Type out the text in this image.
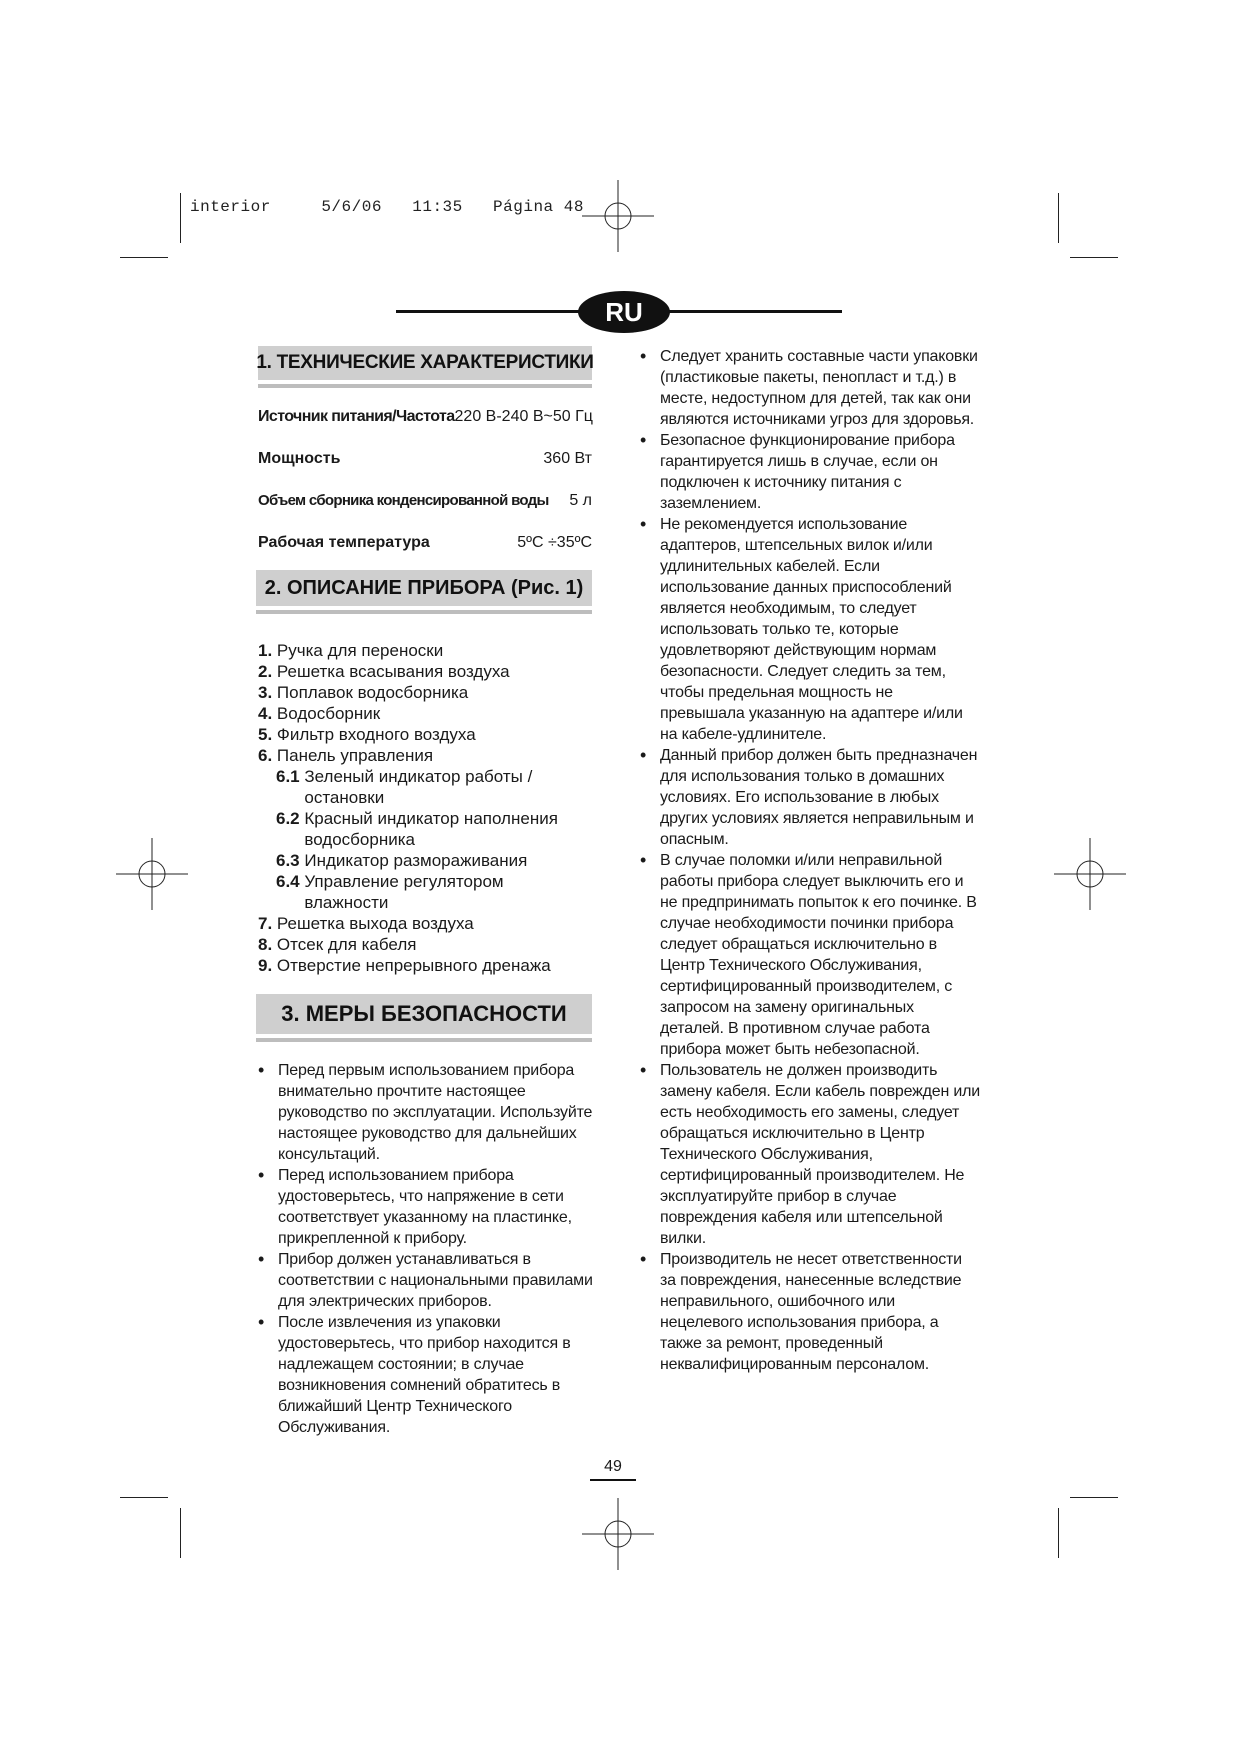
interior     5/6/06   11:35   Página 48
RU
1. ТЕХНИЧЕСКИЕ ХАРАКТЕРИСТИКИ
Источник питания/Частота 220 В-240 В~50 Гц
Мощность	360 Вт
Объем сборника конденсированной воды 5 л
Рабочая температура	5ºC ÷35ºC
2. ОПИСАНИЕ ПРИБОРА (Рис. 1)
1. Ручка для переноски
2. Решетка всасывания воздуха
3. Поплавок водосборника
4. Водосборник
5. Фильтр входного воздуха
6. Панель управления
6.1 Зеленый индикатор работы /
остановки
6.2 Красный индикатор наполнения
водосборника
6.3 Индикатор размораживания
6.4 Управление регулятором
влажности
7. Решетка выхода воздуха
8. Отсек для кабеля
9. Отверстие непрерывного дренажа
3. МЕРЫ БЕЗОПАСНОСТИ
• Перед первым использованием прибора внимательно прочтите настоящее руководство по эксплуатации. Используйте настоящее руководство для дальнейших консультаций.
• Перед использованием прибора удостоверьтесь, что напряжение в сети соответствует указанному на пластинке, прикрепленной к прибору.
• Прибор должен устанавливаться в соответствии с национальными правилами для электрических приборов.
• После извлечения из упаковки удостоверьтесь, что прибор находится в надлежащем состоянии; в случае возникновения сомнений обратитесь в ближайший Центр Технического Обслуживания.
• Следует хранить составные части упаковки (пластиковые пакеты, пенопласт и т.д.) в месте, недоступном для детей, так как они являются источниками угроз для здоровья.
• Безопасное функционирование прибора гарантируется лишь в случае, если он подключен к источнику питания с заземлением.
• Не рекомендуется использование адаптеров, штепсельных вилок и/или удлинительных кабелей. Если использование данных приспособлений является необходимым, то следует использовать только те, которые удовлетворяют действующим нормам безопасности. Следует следить за тем, чтобы предельная мощность не превышала указанную на адаптере и/или на кабеле-удлинителе.
• Данный прибор должен быть предназначен для использования только в домашних условиях. Его использование в любых других условиях является неправильным и опасным.
• В случае поломки и/или неправильной работы прибора следует выключить его и не предпринимать попыток к его починке. В случае необходимости починки прибора следует обращаться исключительно в Центр Технического Обслуживания, сертифицированный производителем, с запросом на замену оригинальных деталей. В противном случае работа прибора может быть небезопасной.
• Пользователь не должен производить замену кабеля. Если кабель поврежден или есть необходимость его замены, следует обращаться исключительно в Центр Технического Обслуживания, сертифицированный производителем. Не эксплуатируйте прибор в случае повреждения кабеля или штепсельной вилки.
• Производитель не несет ответственности за повреждения, нанесенные вследствие неправильного, ошибочного или нецелевого использования прибора, а также за ремонт, проведенный неквалифицированным персоналом.
49
